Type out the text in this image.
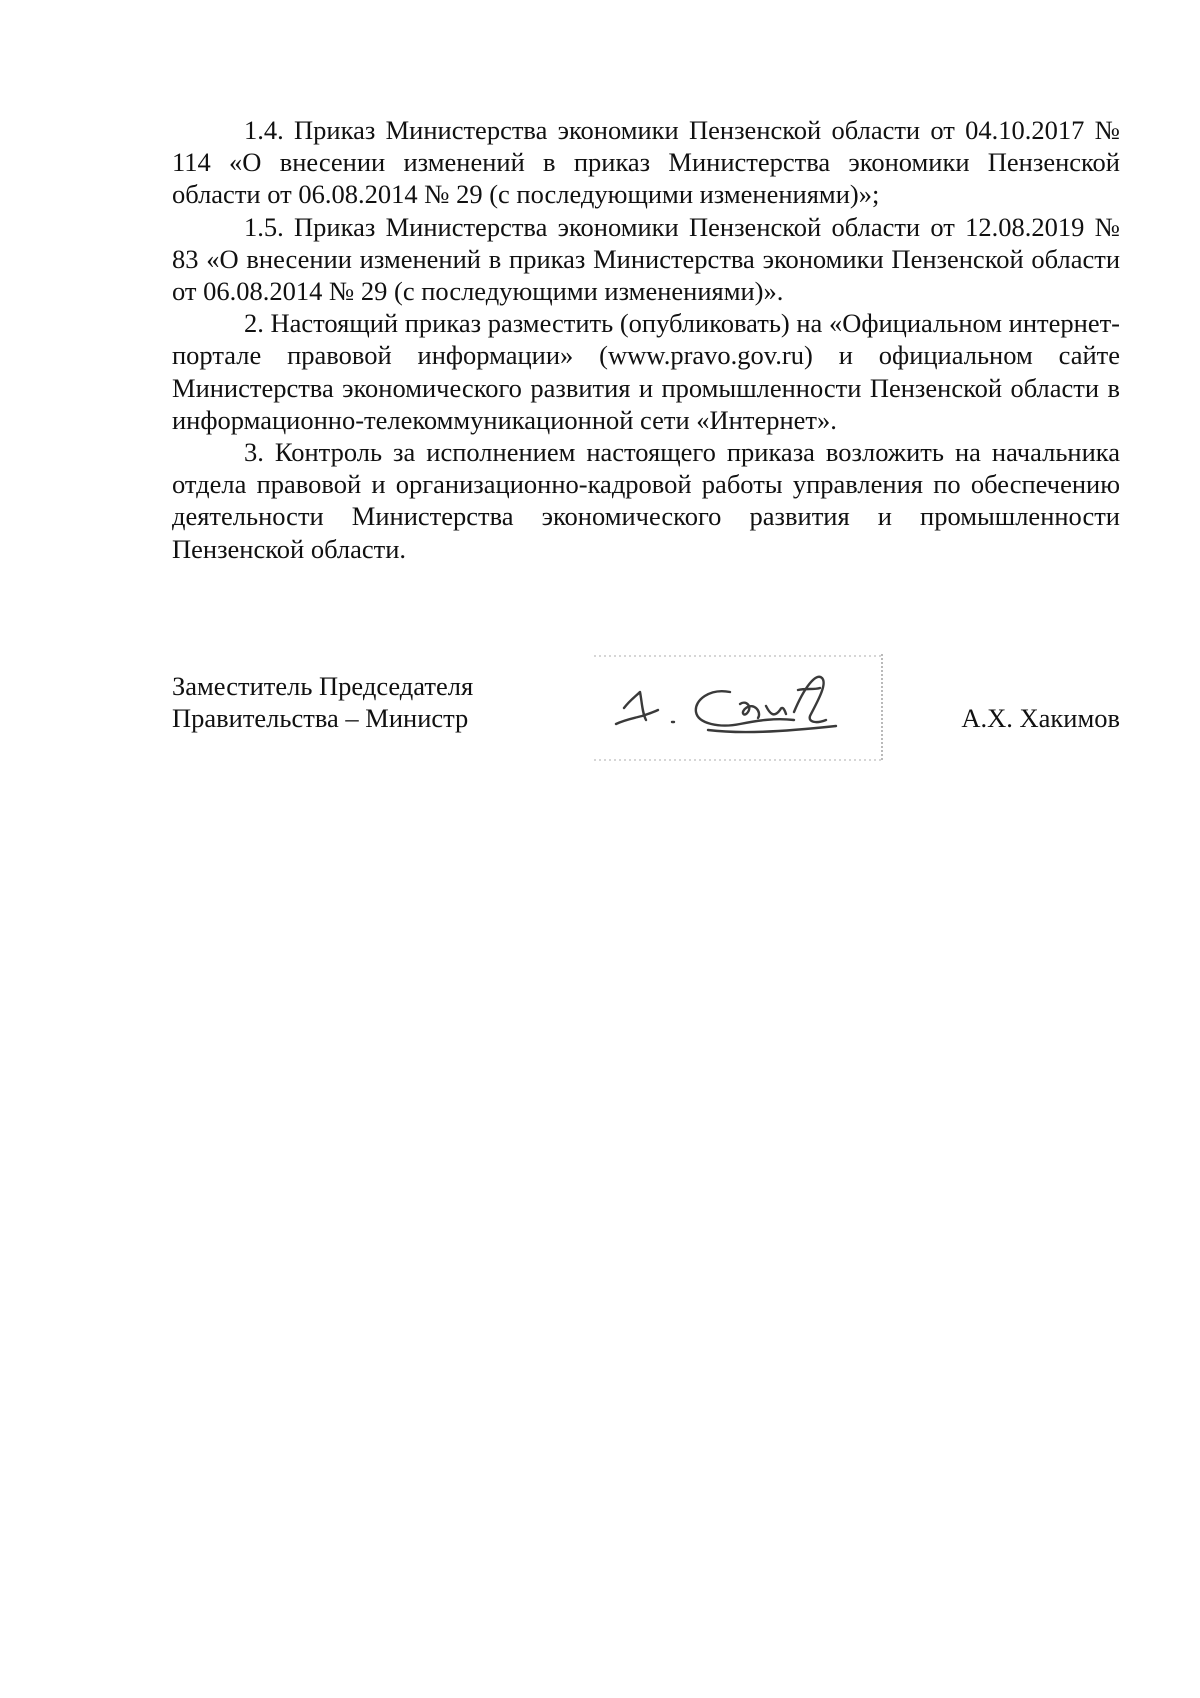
1.4. Приказ Министерства экономики Пензенской области от 04.10.2017 № 114 «О внесении изменений в приказ Министерства экономики Пензенской области от 06.08.2014 № 29 (с последующими изменениями)»;

1.5. Приказ Министерства экономики Пензенской области от 12.08.2019 № 83 «О внесении изменений в приказ Министерства экономики Пензенской области от 06.08.2014 № 29 (с последующими изменениями)».

2. Настоящий приказ разместить (опубликовать) на «Официальном интернет-портале правовой информации» (www.pravo.gov.ru) и официальном сайте Министерства экономического развития и промышленности Пензенской области в информационно-телекоммуникационной сети «Интернет».

3. Контроль за исполнением настоящего приказа возложить на начальника отдела правовой и организационно-кадровой работы управления по обеспечению деятельности Министерства экономического развития и промышленности Пензенской области.

Заместитель Председателя
Правительства – Министр	А.Х. Хакимов
